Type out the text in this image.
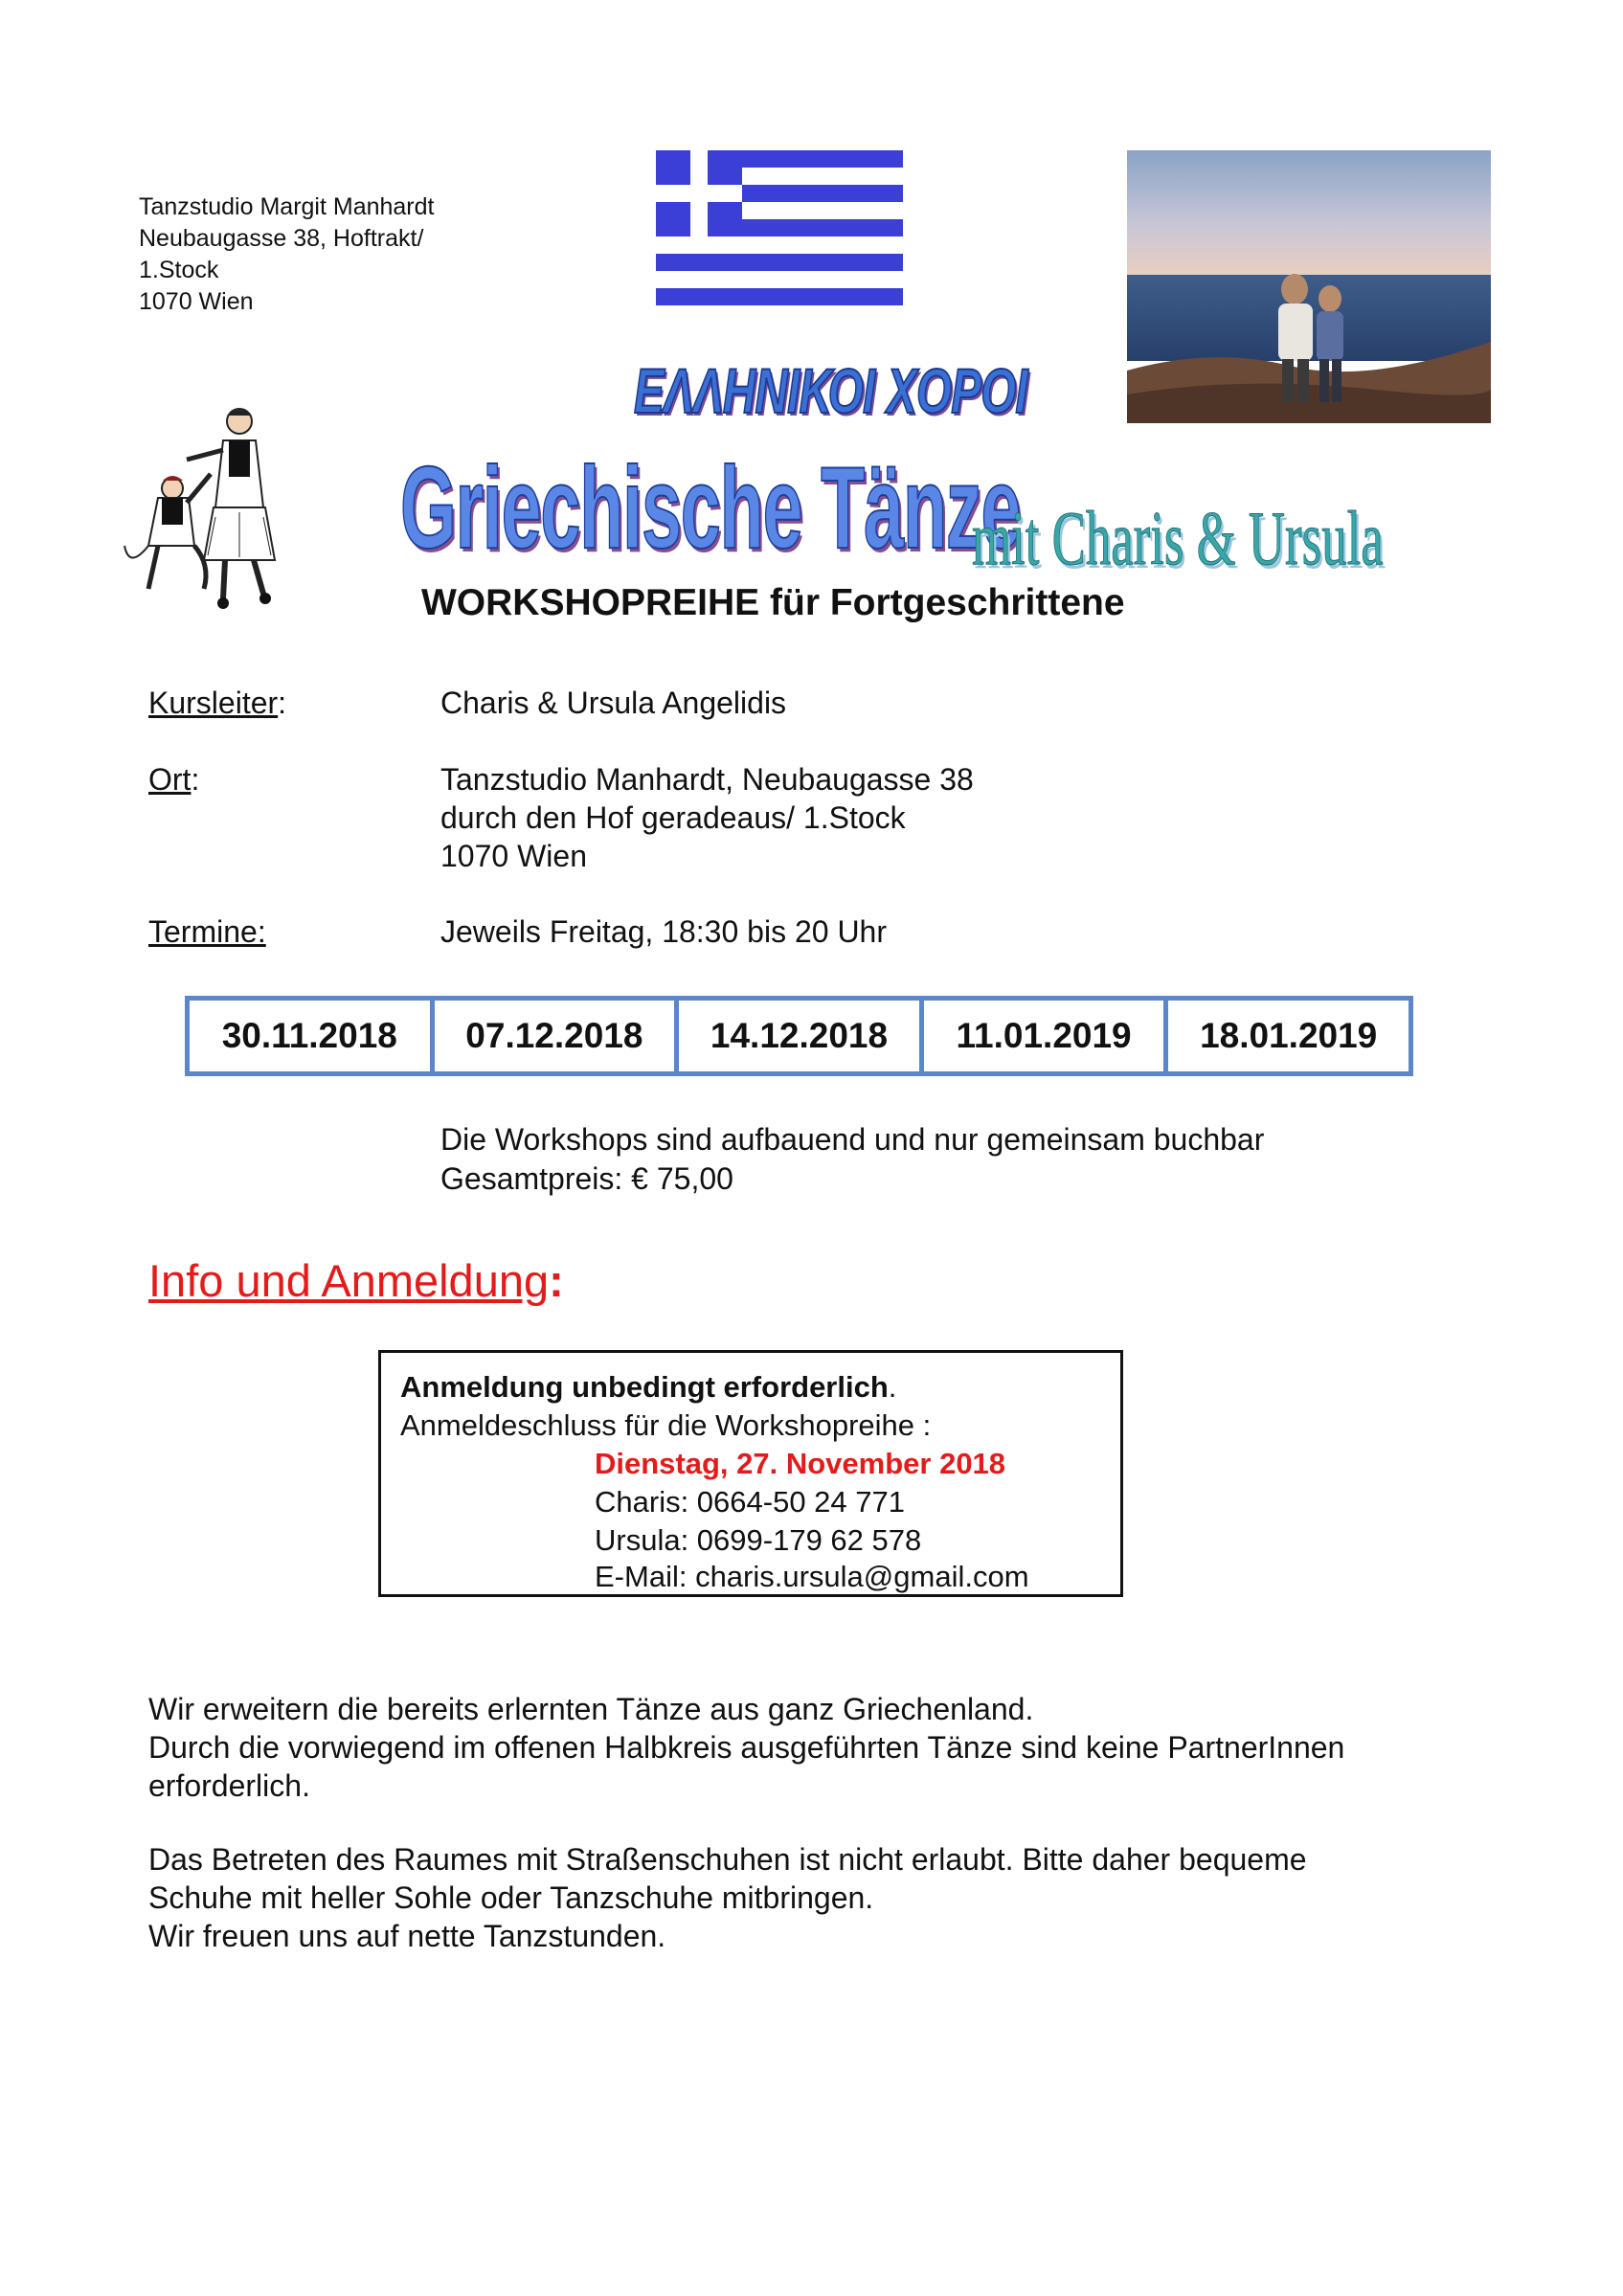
Tanzstudio Margit Manhardt
Neubaugasse 38, Hoftrakt/
1.Stock
1070 Wien
ΕΛΛΗΝΙΚΟΙ ΧΟΡΟΙ
Griechische Tänze
mit Charis & Ursula
WORKSHOPREIHE für Fortgeschrittene
Kursleiter:	Charis & Ursula Angelidis
Ort:	Tanzstudio Manhardt, Neubaugasse 38
durch den Hof geradeaus/ 1.Stock
1070 Wien
Termine:	Jeweils Freitag, 18:30 bis 20 Uhr
30.11.2018	07.12.2018	14.12.2018	11.01.2019	18.01.2019
Die Workshops sind aufbauend und nur gemeinsam buchbar
Gesamtpreis: € 75,00
Info und Anmeldung:
Anmeldung unbedingt erforderlich.
Anmeldeschluss für die Workshopreihe :
Dienstag, 27. November 2018
Charis: 0664-50 24 771
Ursula: 0699-179 62 578
E-Mail: charis.ursula@gmail.com
Wir erweitern die bereits erlernten Tänze aus ganz Griechenland.
Durch die vorwiegend im offenen Halbkreis ausgeführten Tänze sind keine PartnerInnen
erforderlich.
Das Betreten des Raumes mit Straßenschuhen ist nicht erlaubt. Bitte daher bequeme
Schuhe mit heller Sohle oder Tanzschuhe mitbringen.
Wir freuen uns auf nette Tanzstunden.
